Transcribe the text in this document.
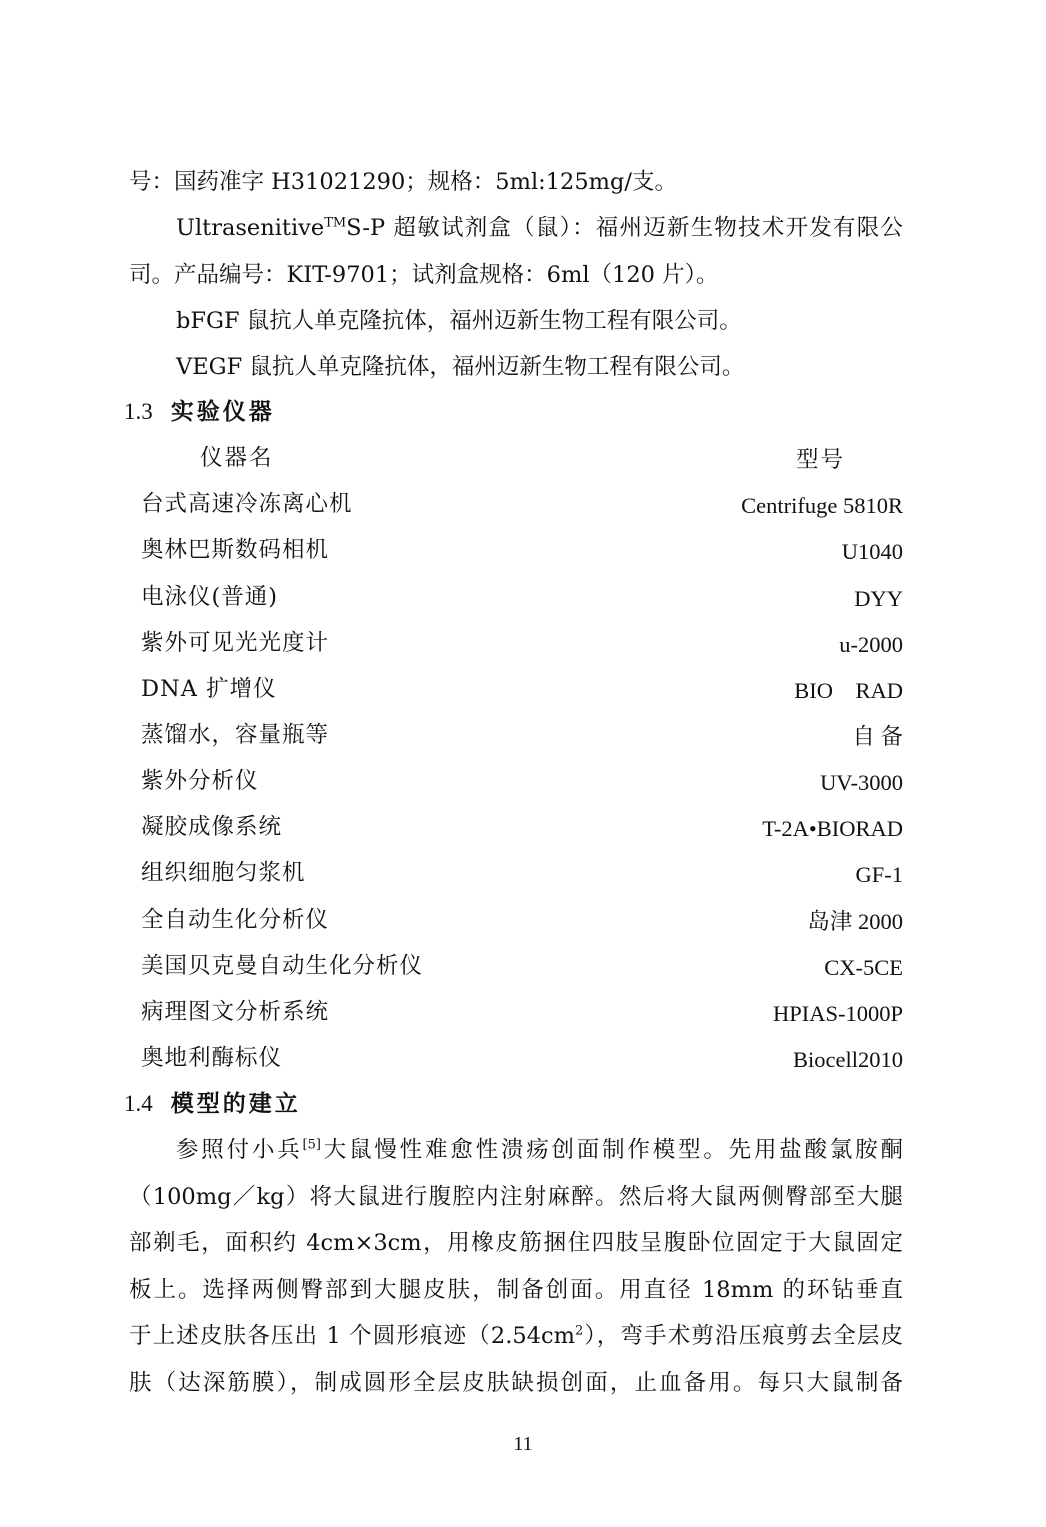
号：国药准字 H31021290；规格：5ml:125mg/支。
Ultrasenitive™S-P 超敏试剂盒（鼠）：福州迈新生物技术开发有限公
司。产品编号：KIT-9701；试剂盒规格：6ml（120 片）。
bFGF 鼠抗人单克隆抗体，福州迈新生物工程有限公司。
VEGF 鼠抗人单克隆抗体，福州迈新生物工程有限公司。
1.3 实验仪器
仪器名	型号
台式高速冷冻离心机	Centrifuge 5810R
奥林巴斯数码相机	U1040
电泳仪(普通)	DYY
紫外可见光光度计	u-2000
DNA 扩增仪	BIO　RAD
蒸馏水，容量瓶等	自 备
紫外分析仪	UV-3000
凝胶成像系统	T-2A•BIORAD
组织细胞匀浆机	GF-1
全自动生化分析仪	岛津 2000
美国贝克曼自动生化分析仪	CX-5CE
病理图文分析系统	HPIAS-1000P
奥地利酶标仪	Biocell2010
1.4 模型的建立
参照付小兵[5]大鼠慢性难愈性溃疡创面制作模型。先用盐酸氯胺酮
（100mg／kg）将大鼠进行腹腔内注射麻醉。然后将大鼠两侧臀部至大腿
部剃毛，面积约 4cm×3cm，用橡皮筋捆住四肢呈腹卧位固定于大鼠固定
板上。选择两侧臀部到大腿皮肤，制备创面。用直径 18mm 的环钻垂直
于上述皮肤各压出 1 个圆形痕迹$(2.54cm^2)$，弯手术剪沿压痕剪去全层皮
肤（达深筋膜），制成圆形全层皮肤缺损创面，止血备用。每只大鼠制备
11
